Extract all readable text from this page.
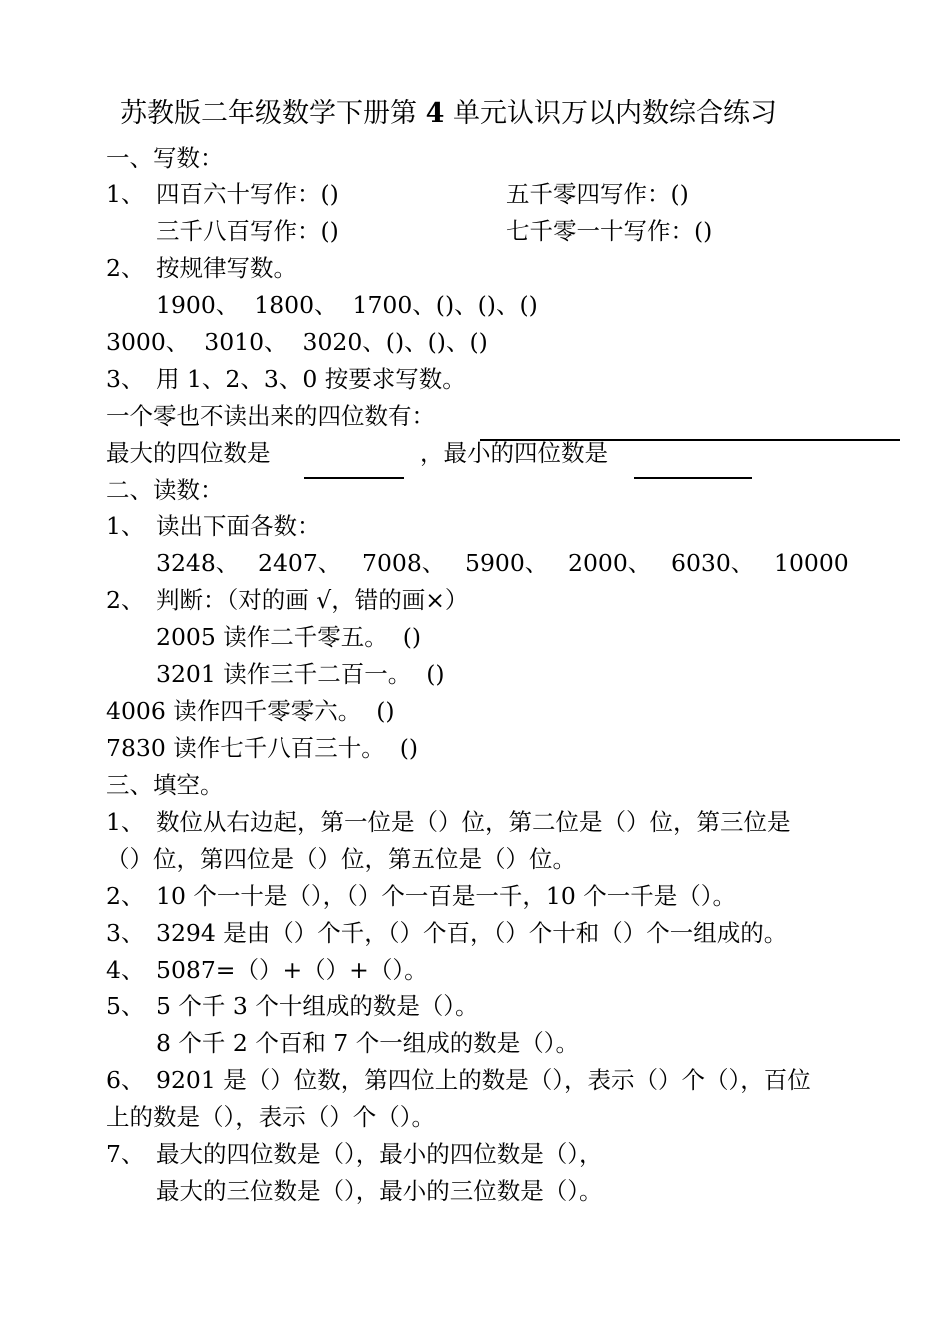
苏教版二年级数学下册第 4 单元认识万以内数综合练习
一、写数：
1、 四百六十写作：()	五千零四写作：()
三千八百写作：()	七千零一十写作：()
2、 按规律写数。
1900、  1800、  1700、()、()、()
3000、  3010、  3020、()、()、()
3、 用 1、2、3、0 按要求写数。
一个零也不读出来的四位数有：
最大的四位数是	，最小的四位数是
二、读数：
1、 读出下面各数：
3248、 2407、 7008、 5900、 2000、 6030、 10000
2、 判断：（对的画 √，错的画×）
2005 读作二千零五。  ()
3201 读作三千二百一。  ()
4006 读作四千零零六。  ()
7830 读作七千八百三十。  ()
三、填空。
1、 数位从右边起，第一位是（）位，第二位是（）位，第三位是
（）位，第四位是（）位，第五位是（）位。
2、 10 个一十是（），（）个一百是一千，10 个一千是（）。
3、 3294 是由（）个千，（）个百，（）个十和（）个一组成的。
4、 5087=（）+（）+（）。
5、 5 个千 3 个十组成的数是（）。
8 个千 2 个百和 7 个一组成的数是（）。
6、 9201 是（）位数，第四位上的数是（），表示（）个（），百位
上的数是（），表示（）个（）。
7、 最大的四位数是（），最小的四位数是（），
最大的三位数是（），最小的三位数是（）。
